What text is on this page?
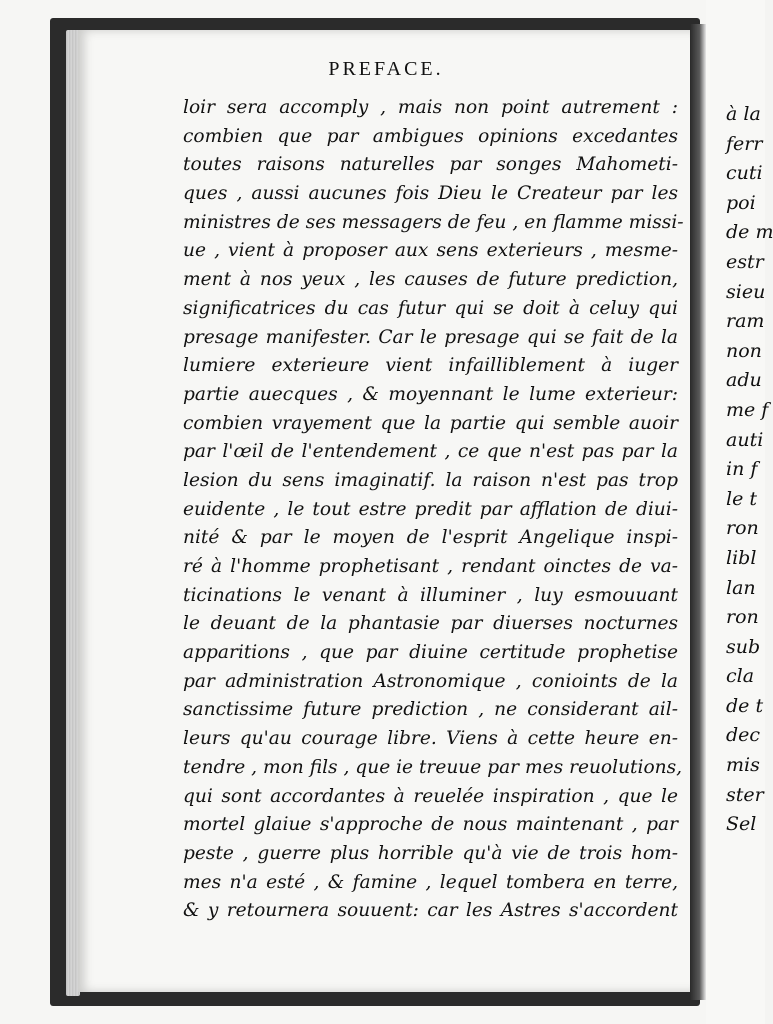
à la
ferr
cuti
poi
de m
estr
sieu
ram
non
adu
me f
auti
in f
le t
ron
libl
lan
ron
sub
cla
de t
dec
mis
ster
Sel
PREFACE.
loir sera accomply , mais non point autrement :
combien que par ambigues opinions excedantes
toutes raisons naturelles par songes Mahometi-
ques , aussi aucunes fois Dieu le Createur par les
ministres de ses messagers de feu , en flamme missi-
ue , vient à proposer aux sens exterieurs , mesme-
ment à nos yeux , les causes de future prediction,
significatrices du cas futur qui se doit à celuy qui
presage manifester. Car le presage qui se fait de la
lumiere exterieure vient infailliblement à iuger
partie auecques , & moyennant le lume exterieur:
combien vrayement que la partie qui semble auoir
par l'œil de l'entendement , ce que n'est pas par la
lesion du sens imaginatif. la raison n'est pas trop
euidente , le tout estre predit par afflation de diui-
nité & par le moyen de l'esprit Angelique inspi-
ré à l'homme prophetisant , rendant oinctes de va-
ticinations le venant à illuminer , luy esmouuant
le deuant de la phantasie par diuerses nocturnes
apparitions , que par diuine certitude prophetise
par administration Astronomique , conioints de la
sanctissime future prediction , ne considerant ail-
leurs qu'au courage libre. Viens à cette heure en-
tendre , mon fils , que ie treuue par mes reuolutions,
qui sont accordantes à reuelée inspiration , que le
mortel glaiue s'approche de nous maintenant , par
peste , guerre plus horrible qu'à vie de trois hom-
mes n'a esté , & famine , lequel tombera en terre,
& y retournera souuent: car les Astres s'accordent
